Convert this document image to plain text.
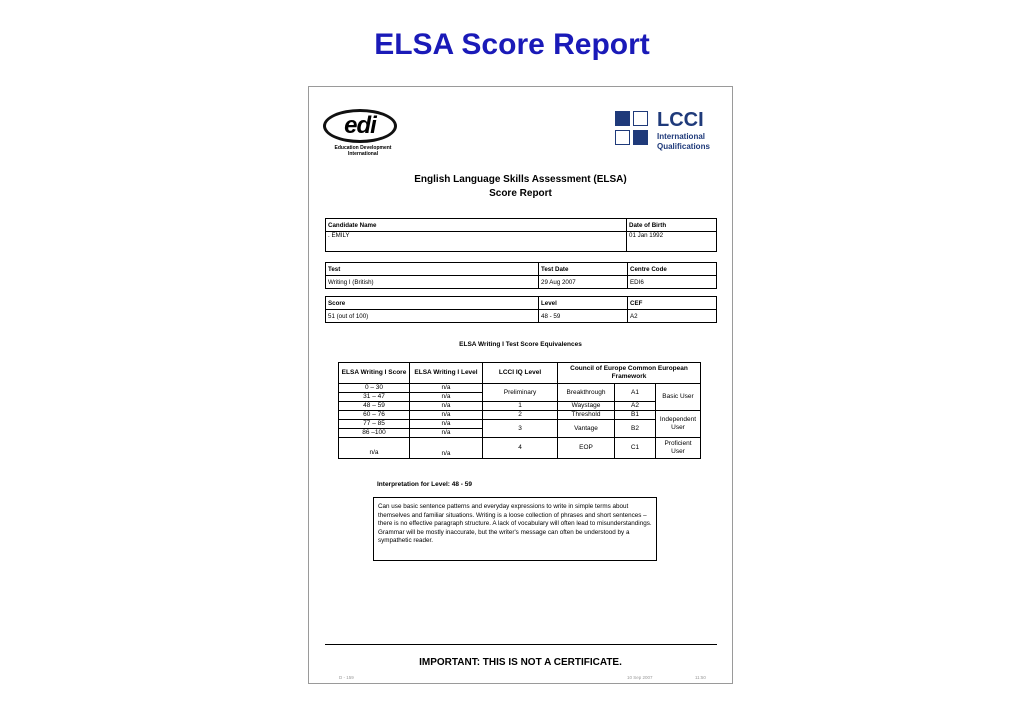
ELSA Score Report
edi
Education Development
International
LCCI
International
Qualifications
English Language Skills Assessment (ELSA)
Score Report
Candidate Name	Date of Birth
. EMILY	01 Jan 1992
Test	Test Date	Centre Code
Writing I (British)	29 Aug 2007	EDI6
Score	Level	CEF
51 (out of 100)	48 - 59	A2
ELSA Writing I Test Score Equivalences
ELSA Writing I Score	ELSA Writing I Level	LCCI IQ Level	Council of Europe Common European Framework		
0 – 30	n/a	Preliminary	Breakthrough	A1	Basic User
31 – 47	n/a				
48 – 59	n/a	1	Waystage	A2	
60 – 76	n/a	2	Threshold	B1	Independent User
77 – 85	n/a	3	Vantage	B2	
86 –100	n/a				
n/a	n/a	4	EOP	C1	Proficient User
Interpretation for Level: 48 - 59
Can use basic sentence patterns and everyday expressions to write in simple terms about themselves and familiar situations. Writing is a loose collection of phrases and short sentences – there is no effective paragraph structure. A lack of vocabulary will often lead to misunderstandings. Grammar will be mostly inaccurate, but the writer's message can often be understood by a sympathetic reader.
IMPORTANT: THIS IS NOT A CERTIFICATE.
D - 159	10 Sep 2007	11:50
